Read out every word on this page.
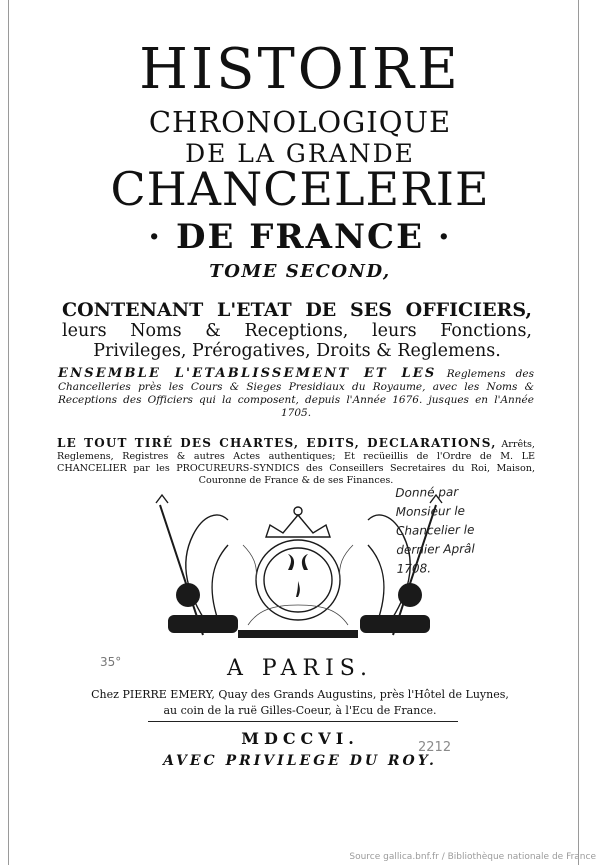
HISTOIRE
CHRONOLOGIQUE
DE LA GRANDE
CHANCELERIE
· DE FRANCE ·
TOME SECOND,
CONTENANT L'ETAT DE SES OFFICIERS, leurs Noms & Receptions, leurs Fonctions, Privileges, Prérogatives, Droits & Reglemens.
ENSEMBLE L'ETABLISSEMENT ET LES Reglemens des Chancelleries près les Cours & Sieges Presidiaux du Royaume, avec les Noms & Receptions des Officiers qui la composent, depuis l'Année 1676. jusques en l'Année 1705.
LE TOUT TIRÉ DES CHARTES, EDITS, DECLARATIONS, Arrêts, Reglemens, Registres & autres Actes authentiques; Et recüeillis de l'Ordre de M. LE CHANCELIER par les PROCUREURS-SYNDICS des Conseillers Secretaires du Roi, Maison, Couronne de France & de ses Finances.
Donné par
Monsieur le
Chancelier le
dernier Aprâl
1708.
35°	A PARIS.
Chez PIERRE EMERY, Quay des Grands Augustins, près l'Hôtel de Luynes,
au coin de la ruë Gilles-Coeur, à l'Ecu de France.
MDCCVI.	2212
AVEC PRIVILEGE DU ROY.
Source gallica.bnf.fr / Bibliothèque nationale de France
